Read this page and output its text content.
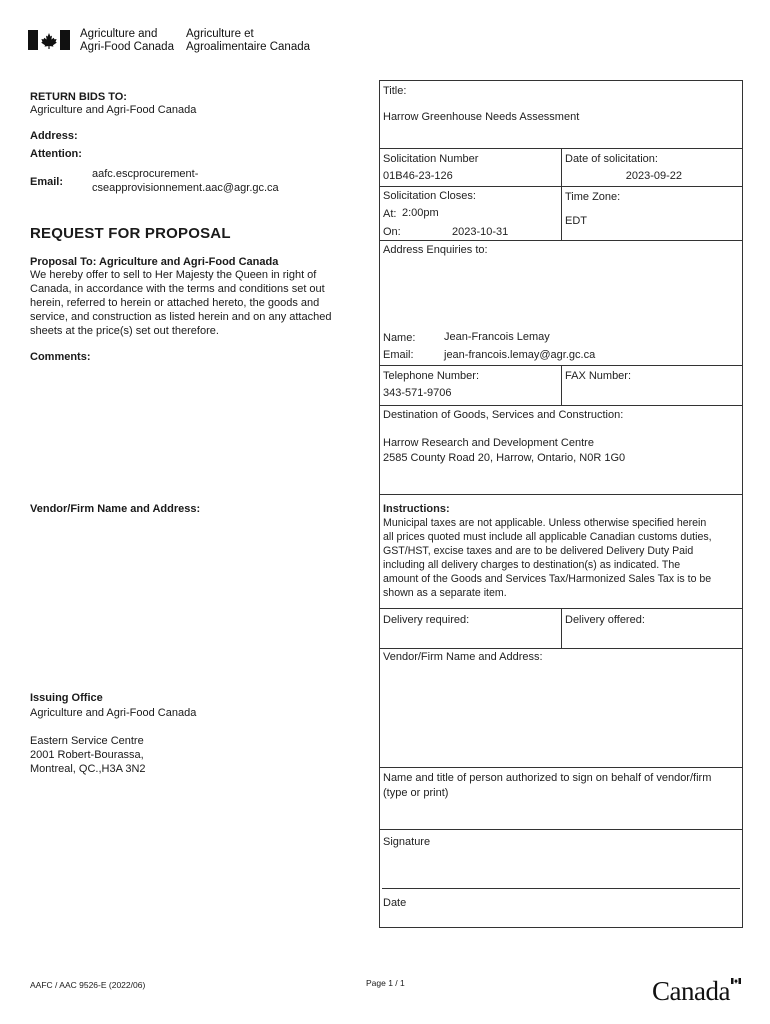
Agriculture and
Agri-Food Canada
Agriculture et
Agroalimentaire Canada
RETURN BIDS TO:
Agriculture and Agri-Food Canada
Address:
Attention:
Email:
aafc.escprocurement-
cseapprovisionnement.aac@agr.gc.ca
REQUEST FOR PROPOSAL
Proposal To: Agriculture and Agri-Food Canada
We hereby offer to sell to Her Majesty the Queen in right of
Canada, in accordance with the terms and conditions set out
herein, referred to herein or attached hereto, the goods and
service, and construction as listed herein and on any attached
sheets at the price(s) set out therefore.
Comments:
Vendor/Firm Name and Address:
Issuing Office
Agriculture and Agri-Food Canada
Eastern Service Centre
2001 Robert-Bourassa,
Montreal, QC.,H3A 3N2
Title:
Harrow Greenhouse Needs Assessment
Solicitation Number
01B46-23-126
Date of solicitation:
2023-09-22
Solicitation Closes:
At: 2:00pm
On:	2023-10-31
Time Zone:
EDT
Address Enquiries to:
Name:	Jean-Francois Lemay
Email:	jean-francois.lemay@agr.gc.ca
Telephone Number:
343-571-9706
FAX Number:
Destination of Goods, Services and Construction:
Harrow Research and Development Centre
2585 County Road 20, Harrow, Ontario, N0R 1G0
Instructions:
Municipal taxes are not applicable. Unless otherwise specified herein
all prices quoted must include all applicable Canadian customs duties,
GST/HST, excise taxes and are to be delivered Delivery Duty Paid
including all delivery charges to destination(s) as indicated. The
amount of the Goods and Services Tax/Harmonized Sales Tax is to be
shown as a separate item.
Delivery required:	Delivery offered:
Vendor/Firm Name and Address:
Name and title of person authorized to sign on behalf of vendor/firm
(type or print)
Signature
Date
AAFC / AAC 9526-E (2022/06)	Page 1 / 1	Canada
